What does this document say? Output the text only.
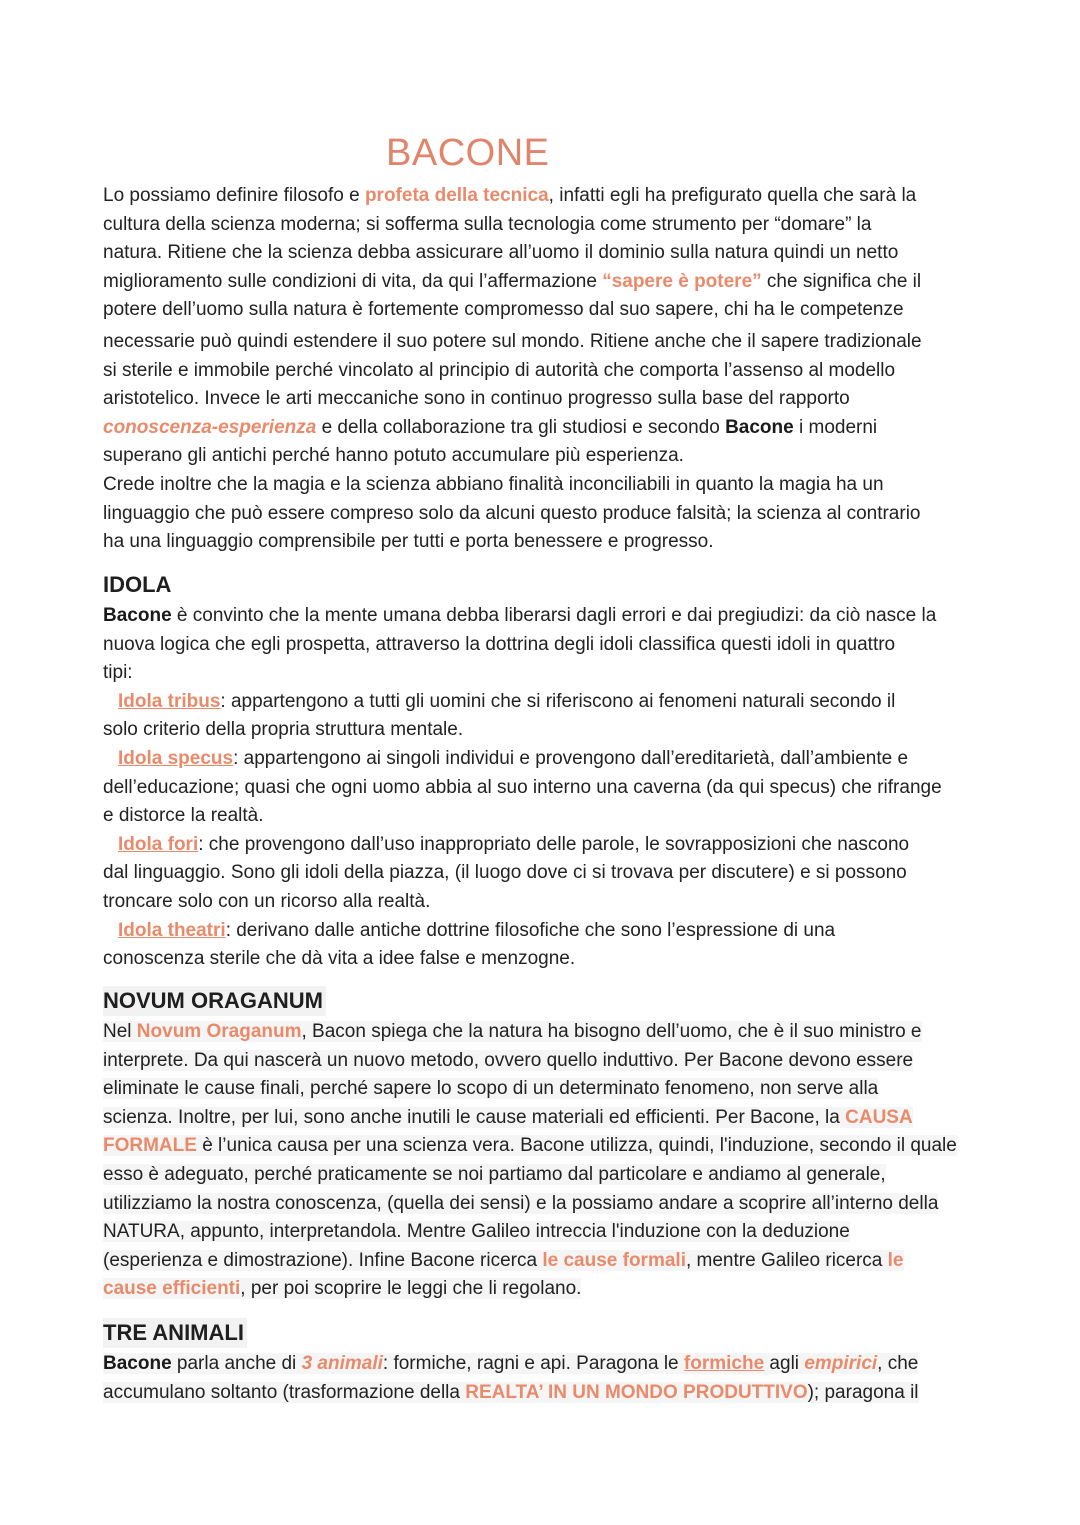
BACONE

Lo possiamo definire filosofo e profeta della tecnica, infatti egli ha prefigurato quella che sarà la

cultura della scienza moderna; si sofferma sulla tecnologia come strumento per “domare” la

natura. Ritiene che la scienza debba assicurare all’uomo il dominio sulla natura quindi un netto

miglioramento sulle condizioni di vita, da qui l’affermazione “sapere è potere” che significa che il

potere dell’uomo sulla natura è fortemente compromesso dal suo sapere, chi ha le competenze

necessarie può quindi estendere il suo potere sul mondo. Ritiene anche che il sapere tradizionale

si sterile e immobile perché vincolato al principio di autorità che comporta l’assenso al modello

aristotelico. Invece le arti meccaniche sono in continuo progresso sulla base del rapporto

conoscenza-esperienza e della collaborazione tra gli studiosi e secondo Bacone i moderni

superano gli antichi perché hanno potuto accumulare più esperienza.

Crede inoltre che la magia e la scienza abbiano finalità inconciliabili in quanto la magia ha un

linguaggio che può essere compreso solo da alcuni questo produce falsità; la scienza al contrario

ha una linguaggio comprensibile per tutti e porta benessere e progresso.

IDOLA

Bacone è convinto che la mente umana debba liberarsi dagli errori e dai pregiudizi: da ciò nasce la

nuova logica che egli prospetta, attraverso la dottrina degli idoli classifica questi idoli in quattro

tipi:

Idola tribus: appartengono a tutti gli uomini che si riferiscono ai fenomeni naturali secondo il

solo criterio della propria struttura mentale.

Idola specus: appartengono ai singoli individui e provengono dall’ereditarietà, dall’ambiente e

dell’educazione; quasi che ogni uomo abbia al suo interno una caverna (da qui specus) che rifrange

e distorce la realtà.

Idola fori: che provengono dall’uso inappropriato delle parole, le sovrapposizioni che nascono

dal linguaggio. Sono gli idoli della piazza, (il luogo dove ci si trovava per discutere) e si possono

troncare solo con un ricorso alla realtà.

Idola theatri: derivano dalle antiche dottrine filosofiche che sono l’espressione di una

conoscenza sterile che dà vita a idee false e menzogne.

NOVUM ORAGANUM

Nel Novum Oraganum, Bacon spiega che la natura ha bisogno dell’uomo, che è il suo ministro e

interprete. Da qui nascerà un nuovo metodo, ovvero quello induttivo. Per Bacone devono essere

eliminate le cause finali, perché sapere lo scopo di un determinato fenomeno, non serve alla

scienza. Inoltre, per lui, sono anche inutili le cause materiali ed efficienti. Per Bacone, la CAUSA

FORMALE è l’unica causa per una scienza vera. Bacone utilizza, quindi, l'induzione, secondo il quale

esso è adeguato, perché praticamente se noi partiamo dal particolare e andiamo al generale,

utilizziamo la nostra conoscenza, (quella dei sensi) e la possiamo andare a scoprire all’interno della

NATURA, appunto, interpretandola. Mentre Galileo intreccia l'induzione con la deduzione

(esperienza e dimostrazione). Infine Bacone ricerca le cause formali, mentre Galileo ricerca le

cause efficienti, per poi scoprire le leggi che li regolano.

TRE ANIMALI

Bacone parla anche di 3 animali: formiche, ragni e api. Paragona le formiche agli empirici, che

accumulano soltanto (trasformazione della REALTA’ IN UN MONDO PRODUTTIVO); paragona il
